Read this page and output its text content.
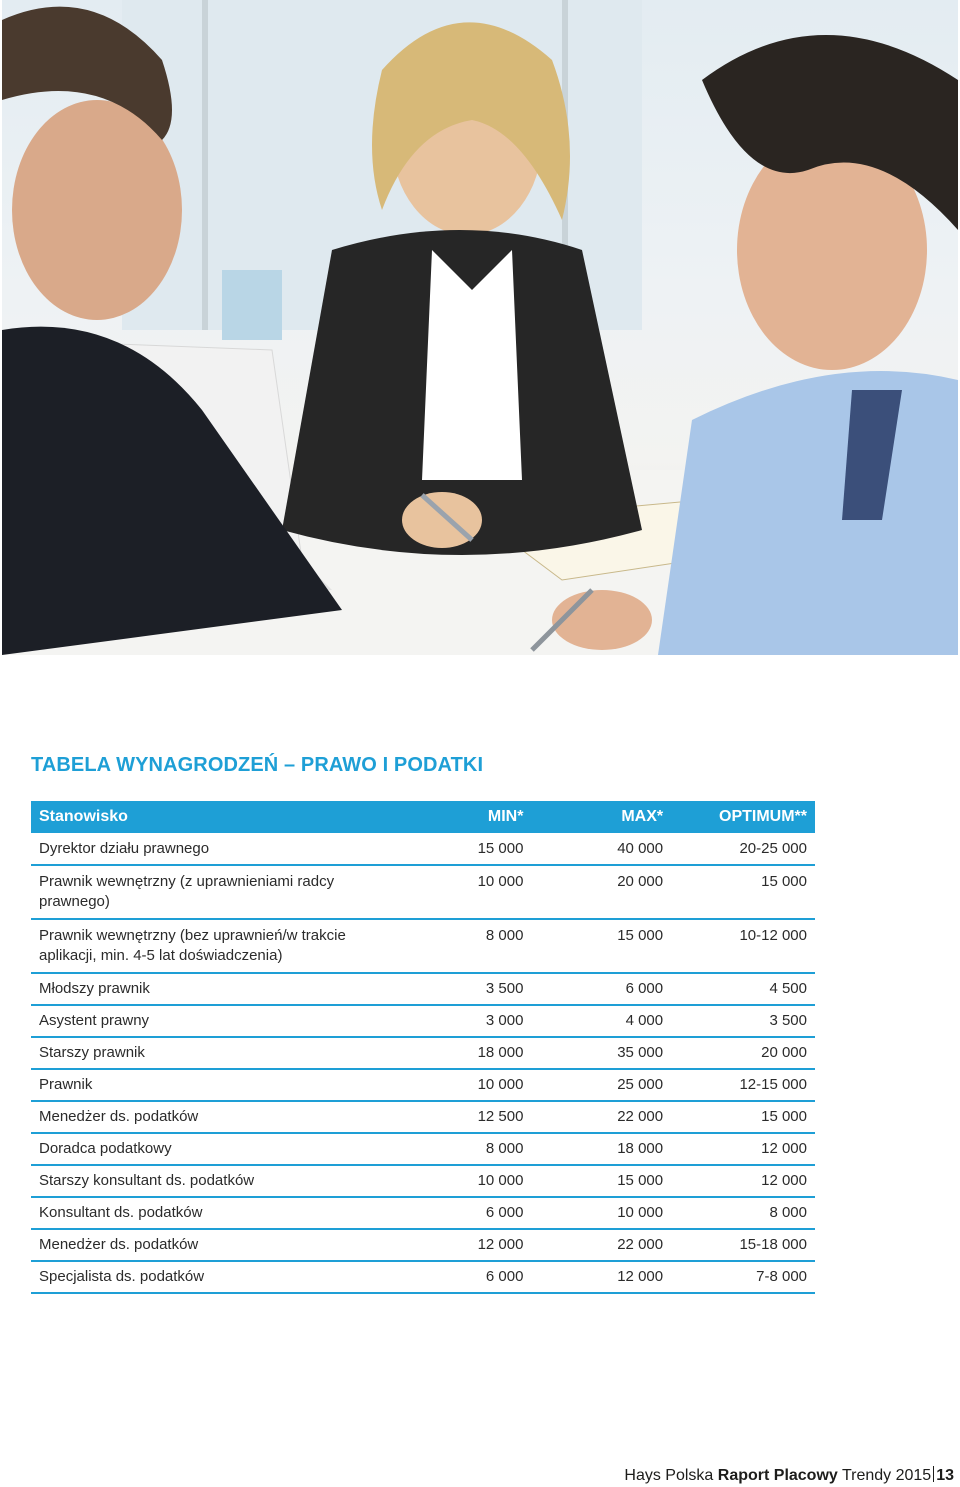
TABELA WYNAGRODZEŃ – PRAWO I PODATKI
Stanowisko	MIN*	MAX*	OPTIMUM**
Dyrektor działu prawnego	15 000	40 000	20-25 000
Prawnik wewnętrzny (z uprawnieniami radcy prawnego)	10 000	20 000	15 000
Prawnik wewnętrzny (bez uprawnień/w trakcie aplikacji, min. 4-5 lat doświadczenia)	8 000	15 000	10-12 000
Młodszy prawnik	3 500	6 000	4 500
Asystent prawny	3 000	4 000	3 500
Starszy prawnik	18 000	35 000	20 000
Prawnik	10 000	25 000	12-15 000
Menedżer ds. podatków	12 500	22 000	15 000
Doradca podatkowy	8 000	18 000	12 000
Starszy konsultant ds. podatków	10 000	15 000	12 000
Konsultant ds. podatków	6 000	10 000	8 000
Menedżer ds. podatków	12 000	22 000	15-18 000
Specjalista ds. podatków	6 000	12 000	7-8 000
Hays Polska Raport Placowy Trendy 2015 13
